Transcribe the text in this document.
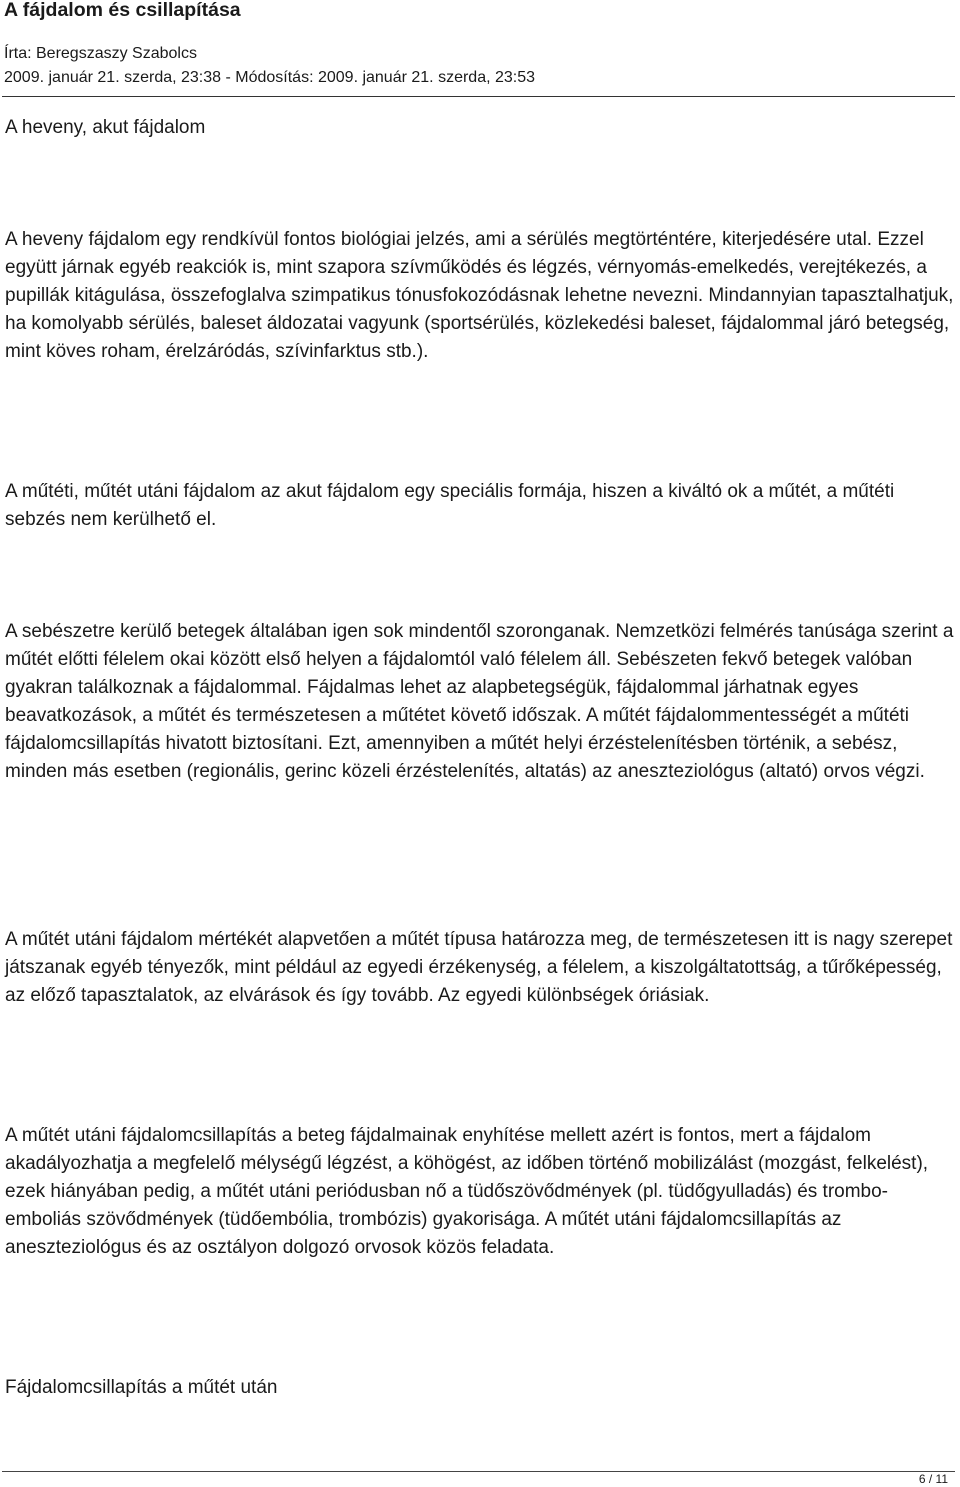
A fájdalom és csillapítása
Írta: Beregszaszy Szabolcs
2009. január 21. szerda, 23:38 - Módosítás: 2009. január 21. szerda, 23:53

A heveny, akut fájdalom

A heveny fájdalom egy rendkívül fontos biológiai jelzés, ami a sérülés megtörténtére, kiterjedésére utal. Ezzel együtt járnak egyéb reakciók is, mint szapora szívműködés és légzés, vérnyomás-emelkedés, verejtékezés, a pupillák kitágulása, összefoglalva szimpatikus tónusfokozódásnak lehetne nevezni. Mindannyian tapasztalhatjuk, ha komolyabb sérülés, baleset áldozatai vagyunk (sportsérülés, közlekedési baleset, fájdalommal járó betegség, mint köves roham, érelzáródás, szívinfarktus stb.).

A műtéti, műtét utáni fájdalom az akut fájdalom egy speciális formája, hiszen a kiváltó ok a műtét, a műtéti sebzés nem kerülhető el.

A sebészetre kerülő betegek általában igen sok mindentől szoronganak. Nemzetközi felmérés tanúsága szerint a műtét előtti félelem okai között első helyen a fájdalomtól való félelem áll. Sebészeten fekvő betegek valóban gyakran találkoznak a fájdalommal. Fájdalmas lehet az alapbetegségük, fájdalommal járhatnak egyes beavatkozások, a műtét és természetesen a műtétet követő időszak. A műtét fájdalommentességét a műtéti fájdalomcsillapítás hivatott biztosítani. Ezt, amennyiben a műtét helyi érzéstelenítésben történik, a sebész, minden más esetben (regionális, gerinc közeli érzéstelenítés, altatás) az aneszteziológus (altató) orvos végzi.

A műtét utáni fájdalom mértékét alapvetően a műtét típusa határozza meg, de természetesen itt is nagy szerepet játszanak egyéb tényezők, mint például az egyedi érzékenység, a félelem, a kiszolgáltatottság, a tűrőképesség, az előző tapasztalatok, az elvárások és így tovább. Az egyedi különbségek óriásiak.

A műtét utáni fájdalomcsillapítás a beteg fájdalmainak enyhítése mellett azért is fontos, mert a fájdalom akadályozhatja a megfelelő mélységű légzést, a köhögést, az időben történő mobilizálást (mozgást, felkelést), ezek hiányában pedig, a műtét utáni periódusban nő a tüdőszövődmények (pl. tüdőgyulladás) és trombo-emboliás szövődmények (tüdőembólia, trombózis) gyakorisága. A műtét utáni fájdalomcsillapítás az aneszteziológus és az osztályon dolgozó orvosok közös feladata.

Fájdalomcsillapítás a műtét után

6 / 11
